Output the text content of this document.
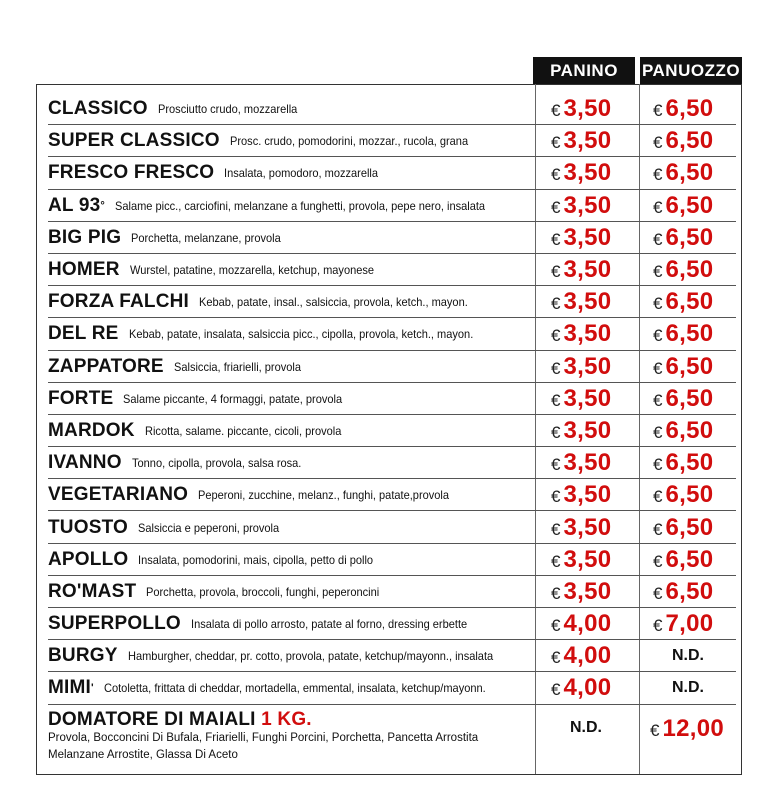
PANINO	PANUOZZO
CLASSICO Prosciutto crudo, mozzarella	€ 3,50 € 6,50
SUPER CLASSICO Prosc. crudo, pomodorini, mozzar., rucola, grana	€ 3,50 € 6,50
FRESCO FRESCO Insalata, pomodoro, mozzarella	€ 3,50 € 6,50
AL 93 ° Salame picc., carciofini, melanzane a funghetti, provola, pepe nero, insalata	€ 3,50 € 6,50
BIG PIG Porchetta, melanzane, provola	€ 3,50 € 6,50
HOMER Wurstel, patatine, mozzarella, ketchup, mayonese	€ 3,50 € 6,50
FORZA FALCHI Kebab, patate, insal., salsiccia, provola, ketch., mayon.	€ 3,50 € 6,50
DEL RE Kebab, patate, insalata, salsiccia picc., cipolla, provola, ketch., mayon.	€ 3,50 € 6,50
ZAPPATORE Salsiccia, friarielli, provola	€ 3,50 € 6,50
FORTE Salame piccante, 4 formaggi, patate, provola	€ 3,50 € 6,50
MARDOK Ricotta, salame. piccante, cicoli, provola	€ 3,50 € 6,50
IVANNO Tonno, cipolla, provola, salsa rosa.	€ 3,50 € 6,50
VEGETARIANO Peperoni, zucchine, melanz., funghi, patate,provola	€ 3,50 € 6,50
TUOSTO Salsiccia e peperoni, provola	€ 3,50 € 6,50
APOLLO Insalata, pomodorini, mais, cipolla, petto di pollo	€ 3,50 € 6,50
RO'MAST Porchetta, provola, broccoli, funghi, peperoncini	€ 3,50 € 6,50
SUPERPOLLO Insalata di pollo arrosto, patate al forno, dressing erbette	€ 4,00 € 7,00
BURGY Hamburgher, cheddar, pr. cotto, provola, patate, ketchup/mayonn., insalata	€ 4,00	N.D.
MIMI ' Cotoletta, frittata di cheddar, mortadella, emmental, insalata, ketchup/mayonn.	€ 4,00	N.D.
DOMATORE DI MAIALI 1 KG.
Provola, Bocconcini Di Bufala, Friarielli, Funghi Porcini, Porchetta, Pancetta Arrostita
Melanzane Arrostite, Glassa Di Aceto
N.D.	€ 12,00
